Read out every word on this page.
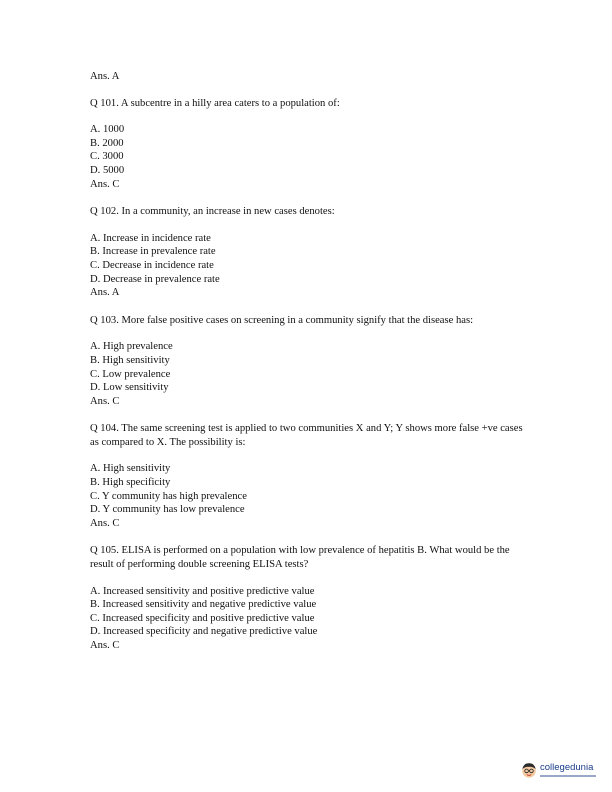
Ans. A

Q 101. A subcentre in a hilly area caters to a population of:

A. 1000

B. 2000

C. 3000

D. 5000

Ans. C

Q 102. In a community, an increase in new cases denotes:

A. Increase in incidence rate

B. Increase in prevalence rate

C. Decrease in incidence rate

D. Decrease in prevalence rate

Ans. A

Q 103. More false positive cases on screening in a community signify that the disease has:

A. High prevalence

B. High sensitivity

C. Low prevalence

D. Low sensitivity

Ans. C

Q 104. The same screening test is applied to two communities X and Y; Y shows more false +ve cases as compared to X. The possibility is:

A. High sensitivity

B. High specificity

C. Y community has high prevalence

D. Y community has low prevalence

Ans. C

Q 105. ELISA is performed on a population with low prevalence of hepatitis B. What would be the result of performing double screening ELISA tests?

A. Increased sensitivity and positive predictive value

B. Increased sensitivity and negative predictive value

C. Increased specificity and positive predictive value

D. Increased specificity and negative predictive value

Ans. C

collegedunia
